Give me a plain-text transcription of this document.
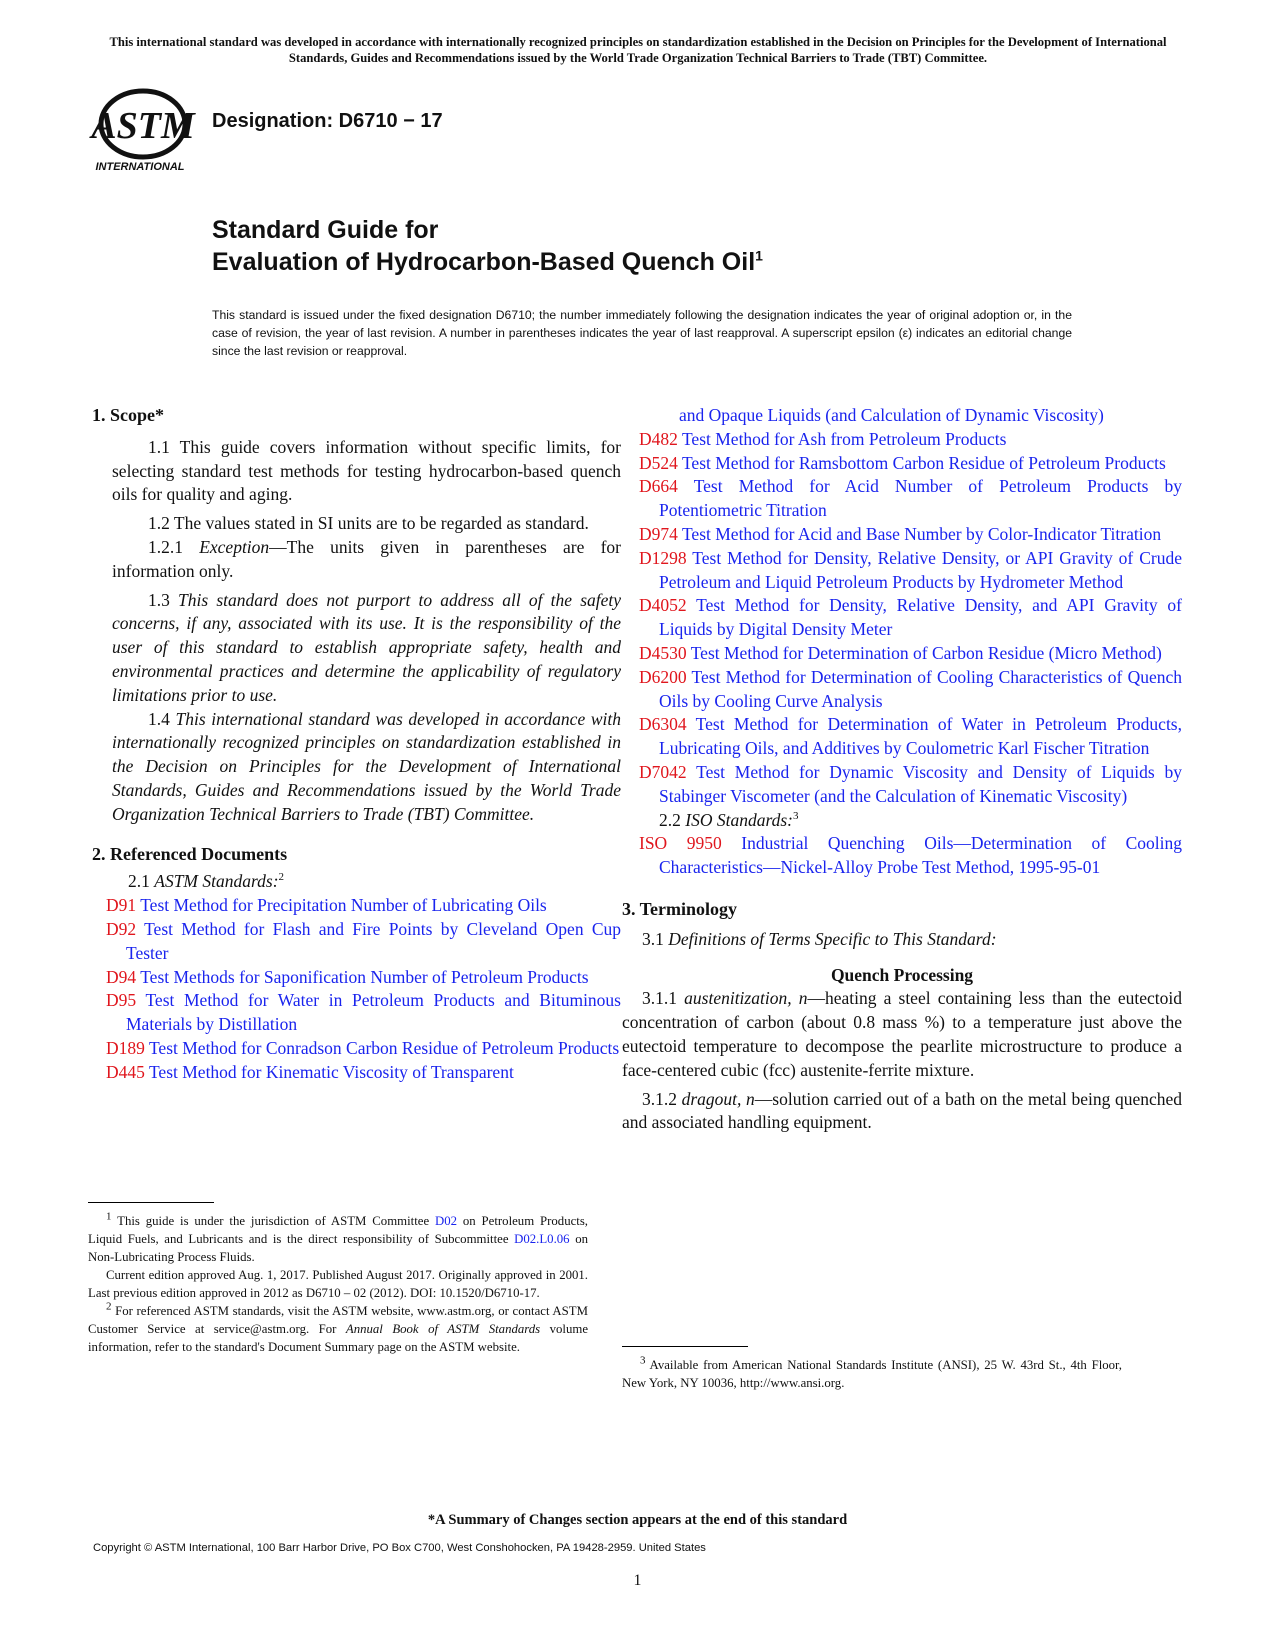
This international standard was developed in accordance with internationally recognized principles on standardization established in the Decision on Principles for the Development of International Standards, Guides and Recommendations issued by the World Trade Organization Technical Barriers to Trade (TBT) Committee.
ASTM
INTERNATIONAL
Designation: D6710 − 17
Standard Guide for
Evaluation of Hydrocarbon-Based Quench Oil$^1$
This standard is issued under the fixed designation D6710; the number immediately following the designation indicates the year of original adoption or, in the case of revision, the year of last revision. A number in parentheses indicates the year of last reapproval. A superscript epsilon (ε) indicates an editorial change since the last revision or reapproval.
1. Scope*

1.1 This guide covers information without specific limits, for selecting standard test methods for testing hydrocarbon-based quench oils for quality and aging.

1.2 The values stated in SI units are to be regarded as standard.

1.2.1 Exception—The units given in parentheses are for information only.

1.3 This standard does not purport to address all of the safety concerns, if any, associated with its use. It is the responsibility of the user of this standard to establish appropriate safety, health and environmental practices and determine the applicability of regulatory limitations prior to use.

1.4 This international standard was developed in accordance with internationally recognized principles on standardization established in the Decision on Principles for the Development of International Standards, Guides and Recommendations issued by the World Trade Organization Technical Barriers to Trade (TBT) Committee.

2. Referenced Documents

2.1 ASTM Standards:$^2$

D91 Test Method for Precipitation Number of Lubricating Oils

D92 Test Method for Flash and Fire Points by Cleveland Open Cup Tester

D94 Test Methods for Saponification Number of Petroleum Products

D95 Test Method for Water in Petroleum Products and Bituminous Materials by Distillation

D189 Test Method for Conradson Carbon Residue of Petroleum Products

D445 Test Method for Kinematic Viscosity of Transparent

and Opaque Liquids (and Calculation of Dynamic Viscosity)

D482 Test Method for Ash from Petroleum Products

D524 Test Method for Ramsbottom Carbon Residue of Petroleum Products

D664 Test Method for Acid Number of Petroleum Products by Potentiometric Titration

D974 Test Method for Acid and Base Number by Color-Indicator Titration

D1298 Test Method for Density, Relative Density, or API Gravity of Crude Petroleum and Liquid Petroleum Products by Hydrometer Method

D4052 Test Method for Density, Relative Density, and API Gravity of Liquids by Digital Density Meter

D4530 Test Method for Determination of Carbon Residue (Micro Method)

D6200 Test Method for Determination of Cooling Characteristics of Quench Oils by Cooling Curve Analysis

D6304 Test Method for Determination of Water in Petroleum Products, Lubricating Oils, and Additives by Coulometric Karl Fischer Titration

D7042 Test Method for Dynamic Viscosity and Density of Liquids by Stabinger Viscometer (and the Calculation of Kinematic Viscosity)

2.2 ISO Standards:$^3$

ISO 9950 Industrial Quenching Oils—Determination of Cooling Characteristics—Nickel-Alloy Probe Test Method, 1995-95-01

3. Terminology

3.1 Definitions of Terms Specific to This Standard:

Quench Processing

3.1.1 austenitization, n—heating a steel containing less than the eutectoid concentration of carbon (about 0.8 mass %) to a temperature just above the eutectoid temperature to decompose the pearlite microstructure to produce a face-centered cubic (fcc) austenite-ferrite mixture.

3.1.2 dragout, n—solution carried out of a bath on the metal being quenched and associated handling equipment.

$^1$ This guide is under the jurisdiction of ASTM Committee D02 on Petroleum Products, Liquid Fuels, and Lubricants and is the direct responsibility of Subcommittee D02.L0.06 on Non-Lubricating Process Fluids.

Current edition approved Aug. 1, 2017. Published August 2017. Originally approved in 2001. Last previous edition approved in 2012 as D6710 – 02 (2012). DOI: 10.1520/D6710-17.

$^2$ For referenced ASTM standards, visit the ASTM website, www.astm.org, or contact ASTM Customer Service at service@astm.org. For Annual Book of ASTM Standards volume information, refer to the standard's Document Summary page on the ASTM website.

$^3$ Available from American National Standards Institute (ANSI), 25 W. 43rd St., 4th Floor, New York, NY 10036, http://www.ansi.org.

*A Summary of Changes section appears at the end of this standard
Copyright © ASTM International, 100 Barr Harbor Drive, PO Box C700, West Conshohocken, PA 19428-2959. United States
1
